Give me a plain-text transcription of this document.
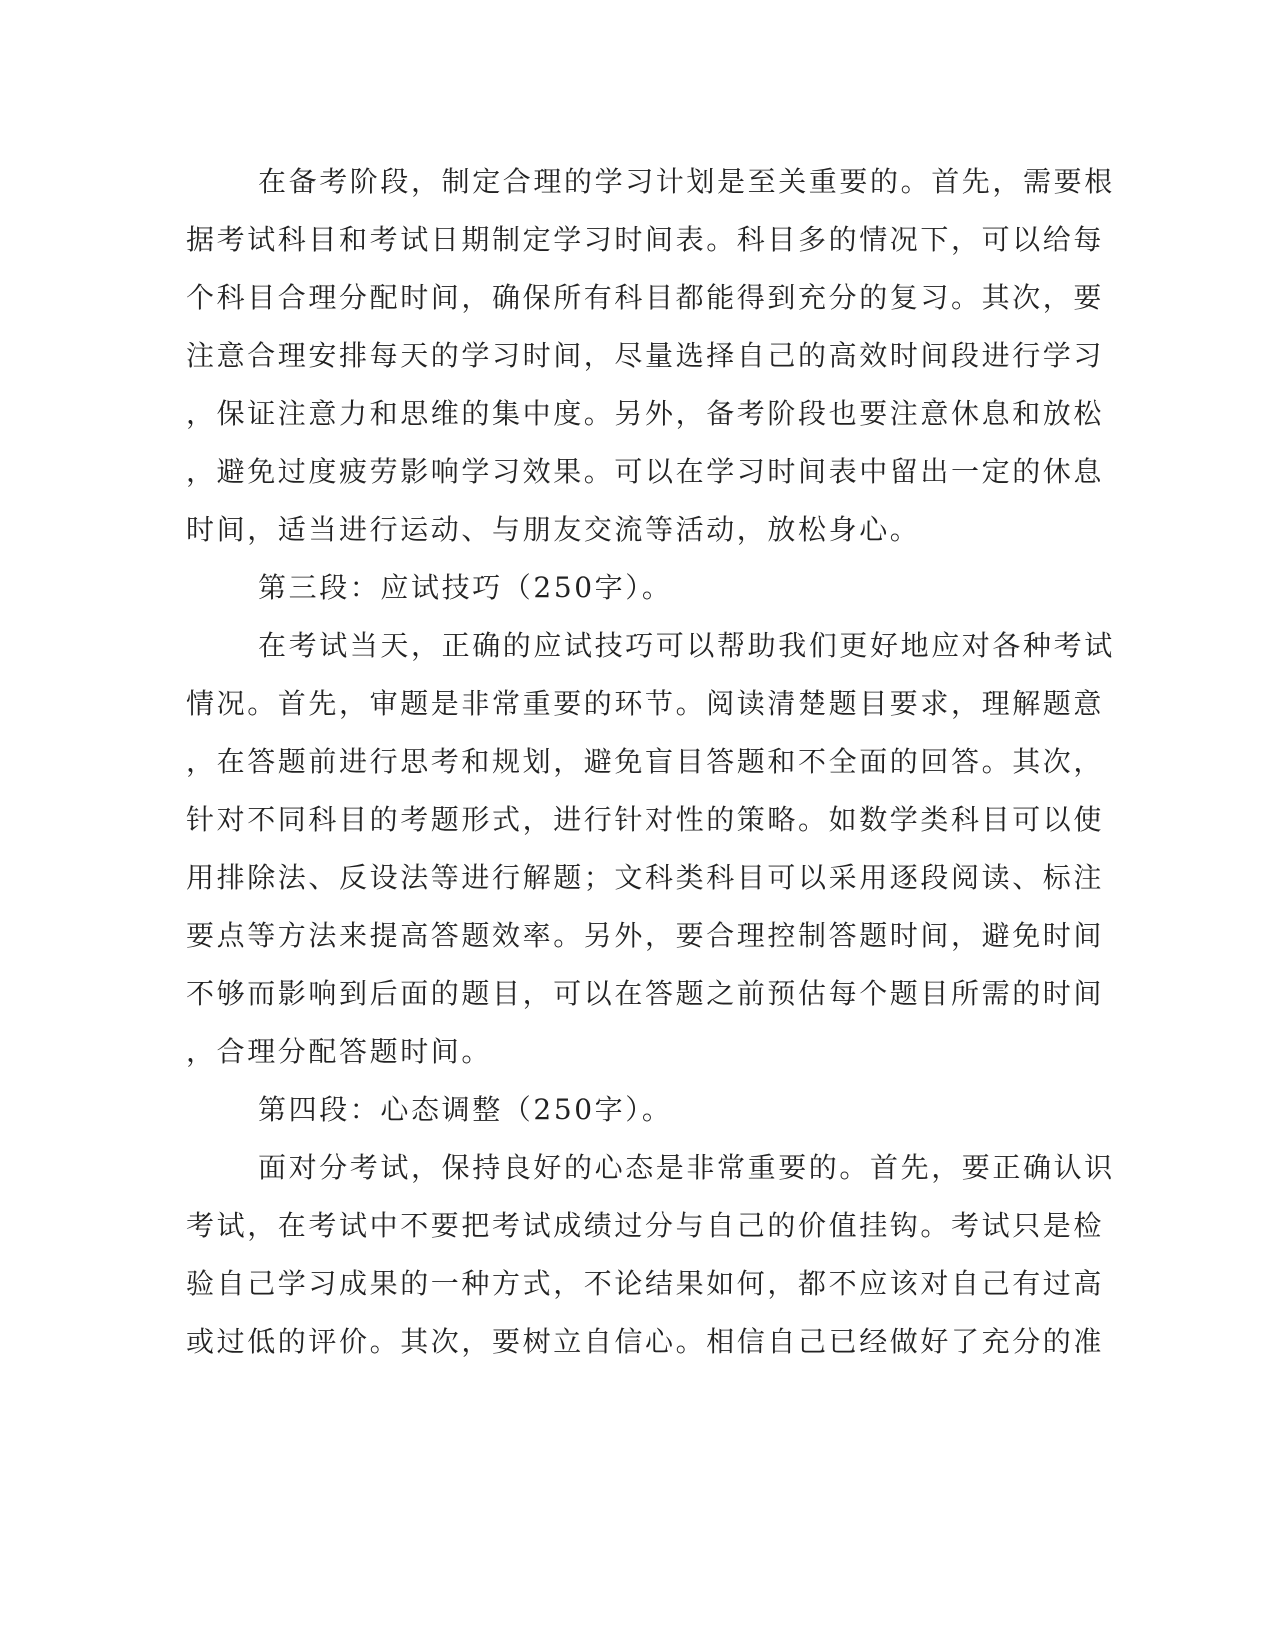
在备考阶段，制定合理的学习计划是至关重要的。首先，需要根
据考试科目和考试日期制定学习时间表。科目多的情况下，可以给每
个科目合理分配时间，确保所有科目都能得到充分的复习。其次，要
注意合理安排每天的学习时间，尽量选择自己的高效时间段进行学习
，保证注意力和思维的集中度。另外，备考阶段也要注意休息和放松
，避免过度疲劳影响学习效果。可以在学习时间表中留出一定的休息
时间，适当进行运动、与朋友交流等活动，放松身心。
第三段：应试技巧（250字）。
在考试当天，正确的应试技巧可以帮助我们更好地应对各种考试
情况。首先，审题是非常重要的环节。阅读清楚题目要求，理解题意
，在答题前进行思考和规划，避免盲目答题和不全面的回答。其次，
针对不同科目的考题形式，进行针对性的策略。如数学类科目可以使
用排除法、反设法等进行解题；文科类科目可以采用逐段阅读、标注
要点等方法来提高答题效率。另外，要合理控制答题时间，避免时间
不够而影响到后面的题目，可以在答题之前预估每个题目所需的时间
，合理分配答题时间。
第四段：心态调整（250字）。
面对分考试，保持良好的心态是非常重要的。首先，要正确认识
考试，在考试中不要把考试成绩过分与自己的价值挂钩。考试只是检
验自己学习成果的一种方式，不论结果如何，都不应该对自己有过高
或过低的评价。其次，要树立自信心。相信自己已经做好了充分的准
